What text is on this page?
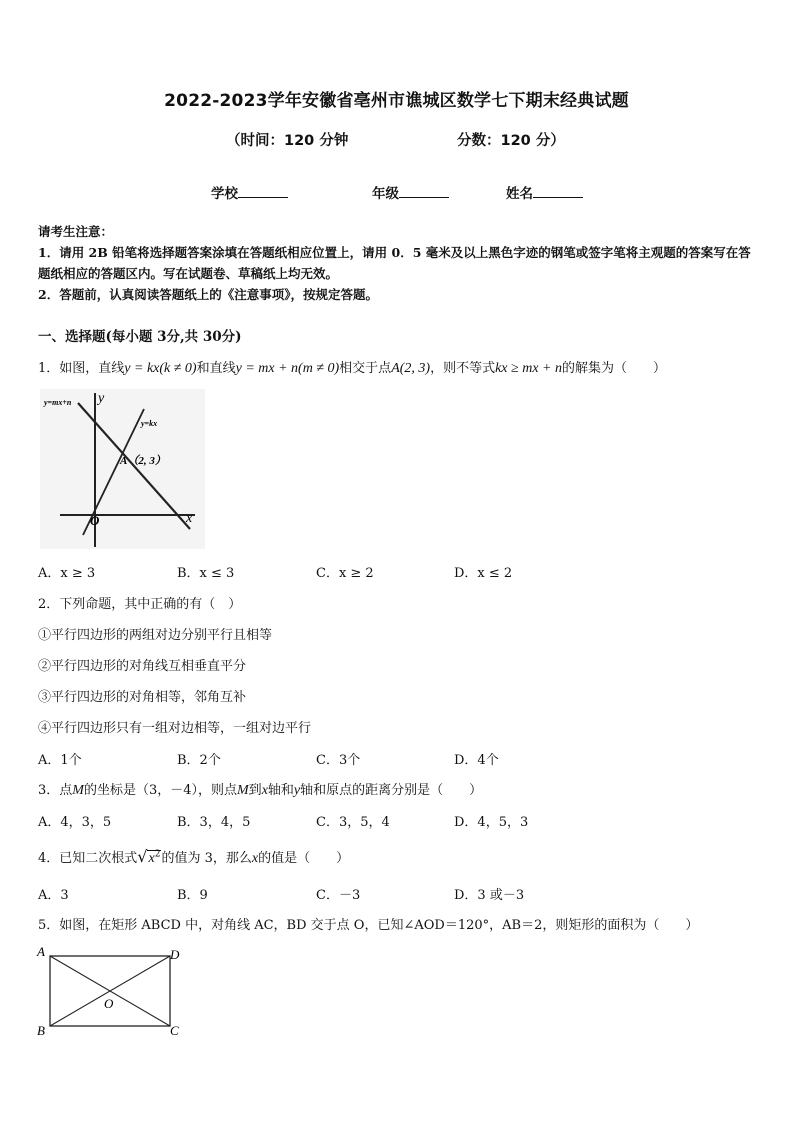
2022-2023学年安徽省亳州市谯城区数学七下期末经典试题
（时间：120 分钟	分数：120 分）
学校	年级	姓名
请考生注意：
1．请用 2B 铅笔将选择题答案涂填在答题纸相应位置上，请用 0．5 毫米及以上黑色字迹的钢笔或签字笔将主观题的答案写在答题纸相应的答题区内。写在试题卷、草稿纸上均无效。
2．答题前，认真阅读答题纸上的《注意事项》，按规定答题。
一、选择题(每小题 3分,共 30分)
1．如图，直线y = kx(k ≠ 0)和直线y = mx + n(m ≠ 0)相交于点A(2, 3)，则不等式kx ≥ mx + n的解集为（　　）
y=mx+n
y=kx
y
x
O
A（2, 3）
A．x ≥ 3	B．x ≤ 3	C．x ≥ 2	D．x ≤ 2
2．下列命题，其中正确的有（　）
①平行四边形的两组对边分别平行且相等
②平行四边形的对角线互相垂直平分
③平行四边形的对角相等，邻角互补
④平行四边形只有一组对边相等，一组对边平行
A．1个	B．2个	C．3个	D．4个
3．点M的坐标是（3，－4），则点M到x轴和y轴和原点的距离分别是（　　）
A．4，3，5	B．3，4，5	C．3，5，4	D．4，5，3
4．已知二次根式$√x^2$的值为 3，那么x的值是（　　）
A．3	B．9	C．－3	D．3 或－3
5．如图，在矩形 ABCD 中，对角线 AC，BD 交于点 O，已知∠AOD＝120°，AB＝2，则矩形的面积为（　　）
A	D
B	C
O
